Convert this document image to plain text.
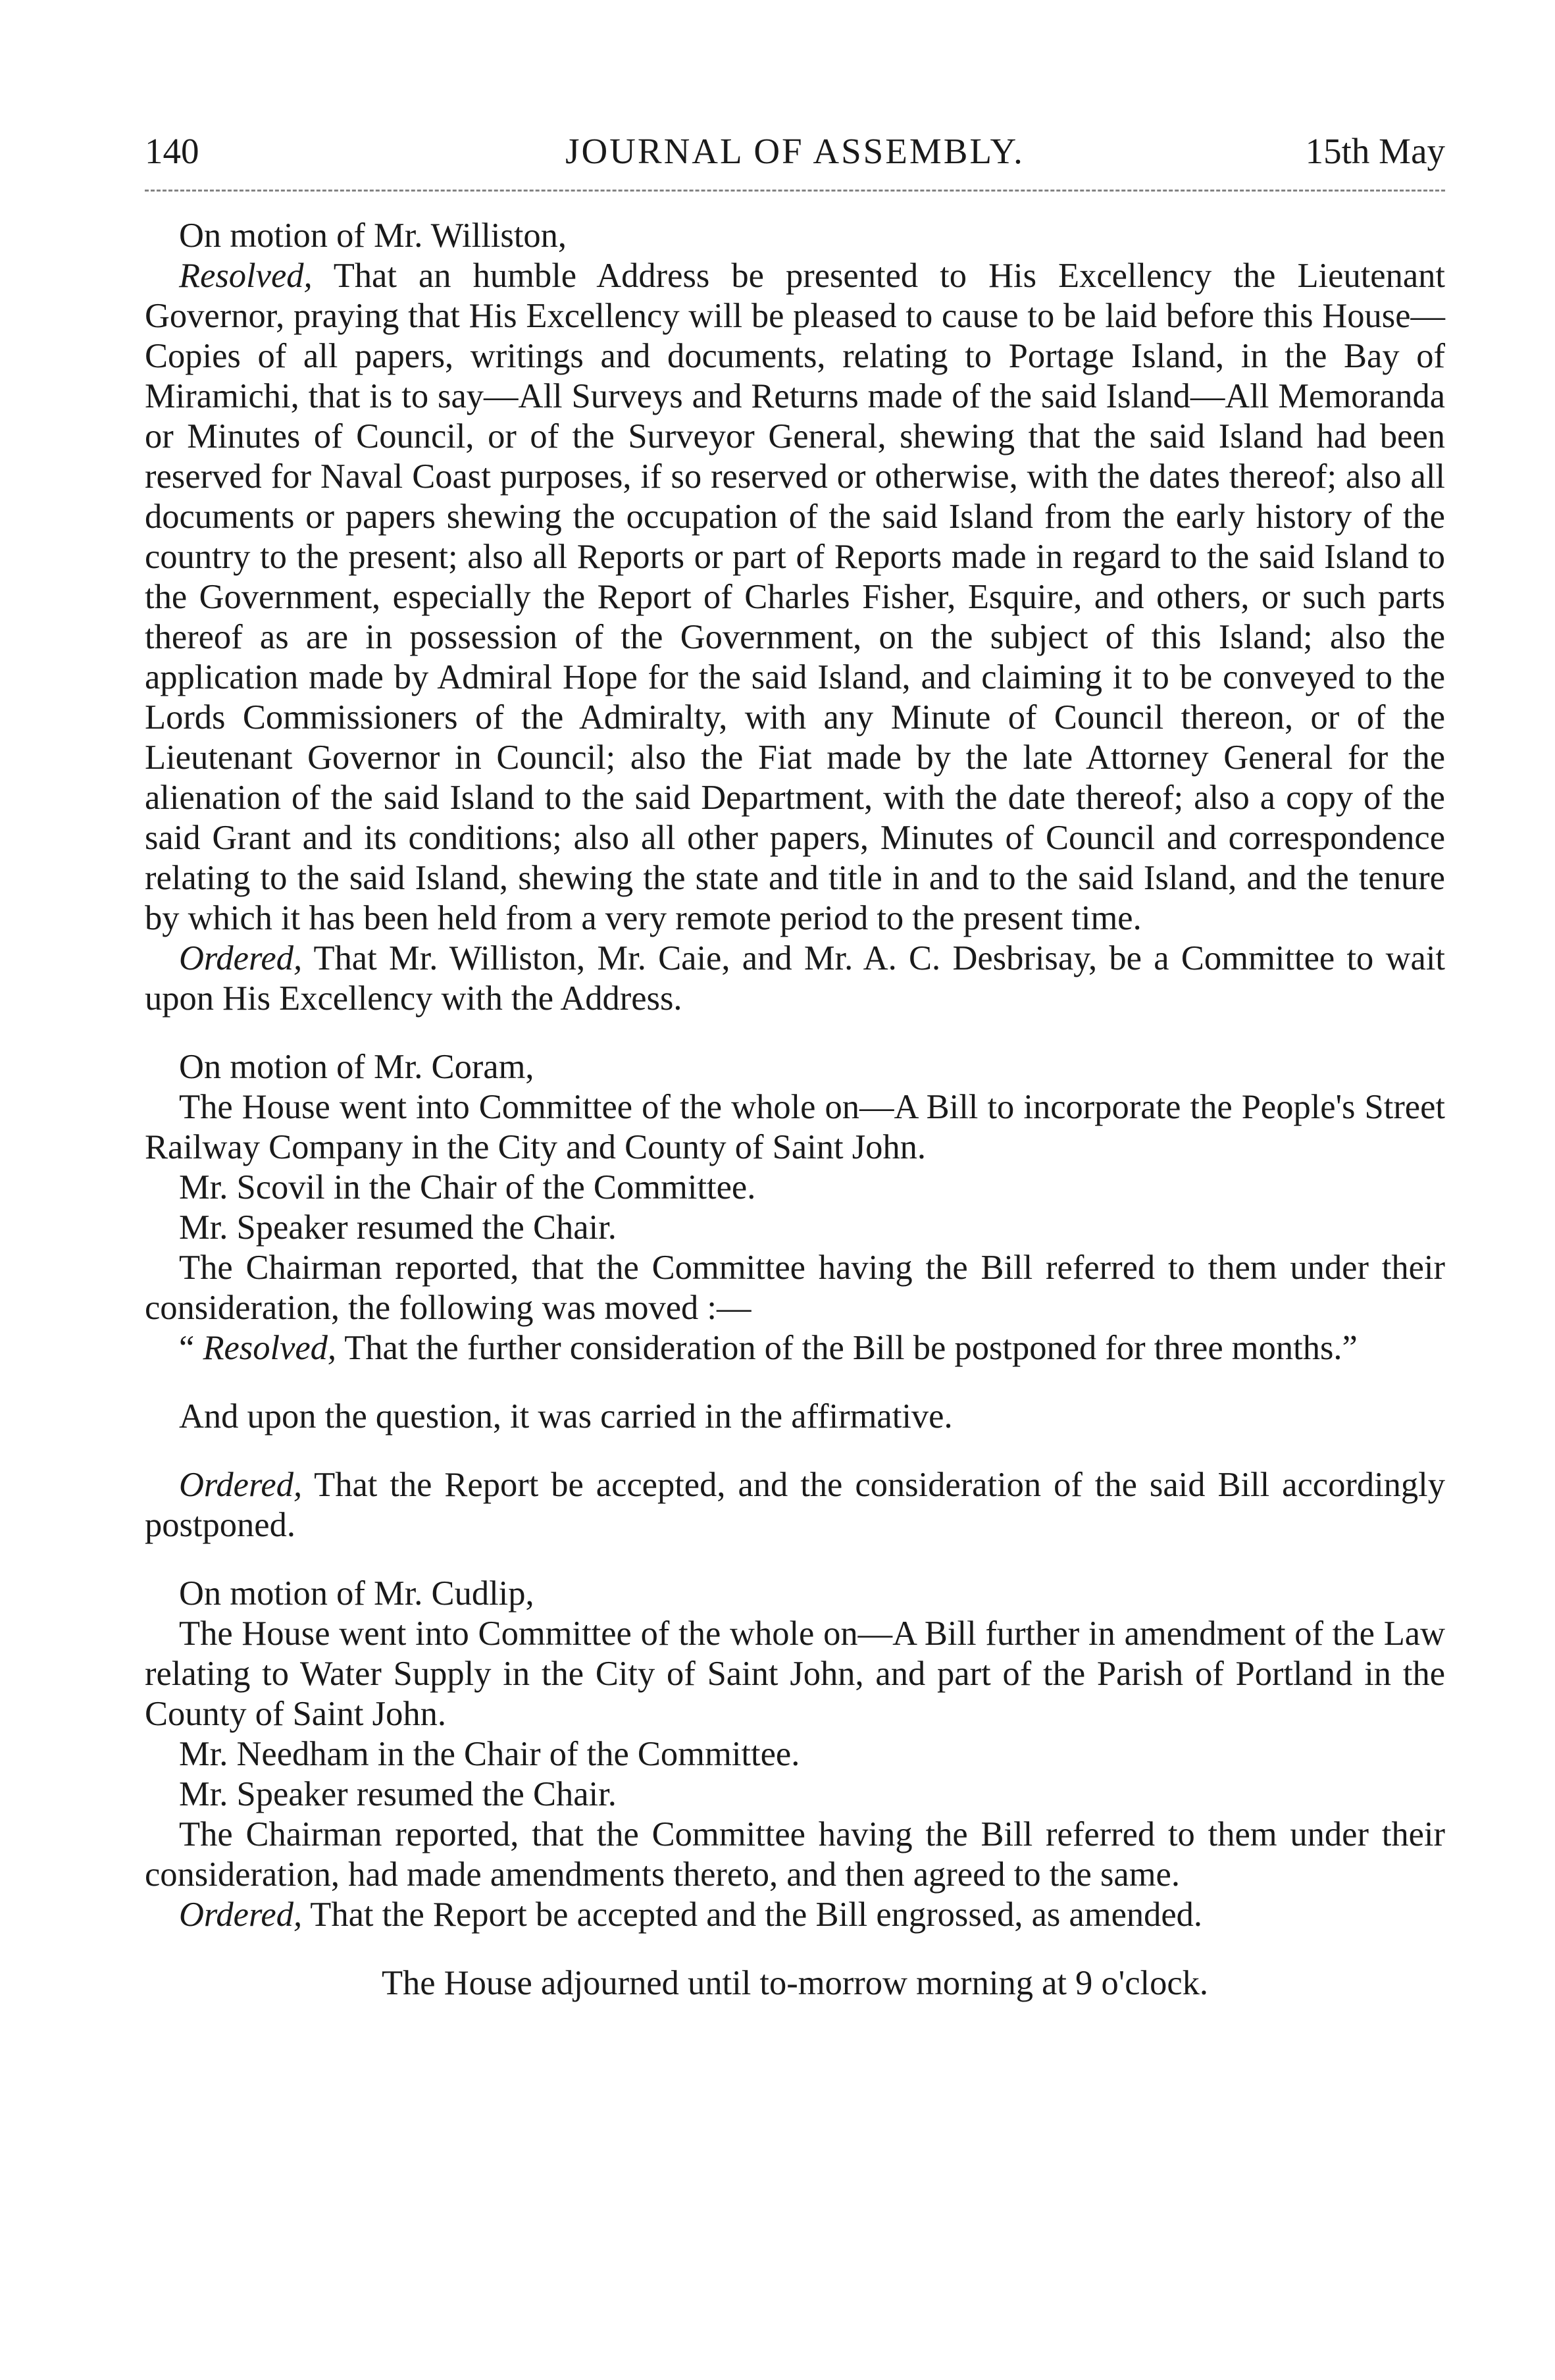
140	JOURNAL OF ASSEMBLY.	15th May

On motion of Mr. Williston,

Resolved, That an humble Address be presented to His Excellency the Lieutenant Governor, praying that His Excellency will be pleased to cause to be laid before this House—Copies of all papers, writings and documents, relating to Portage Island, in the Bay of Miramichi, that is to say—All Surveys and Returns made of the said Island—All Memoranda or Minutes of Council, or of the Surveyor General, shewing that the said Island had been reserved for Naval Coast purposes, if so reserved or otherwise, with the dates thereof; also all documents or papers shewing the occupation of the said Island from the early history of the country to the present; also all Reports or part of Reports made in regard to the said Island to the Government, especially the Report of Charles Fisher, Esquire, and others, or such parts thereof as are in possession of the Government, on the subject of this Island; also the application made by Admiral Hope for the said Island, and claiming it to be conveyed to the Lords Commissioners of the Admiralty, with any Minute of Council thereon, or of the Lieutenant Governor in Council; also the Fiat made by the late Attorney General for the alienation of the said Island to the said Department, with the date thereof; also a copy of the said Grant and its conditions; also all other papers, Minutes of Council and correspondence relating to the said Island, shewing the state and title in and to the said Island, and the tenure by which it has been held from a very remote period to the present time.

Ordered, That Mr. Williston, Mr. Caie, and Mr. A. C. Desbrisay, be a Committee to wait upon His Excellency with the Address.

On motion of Mr. Coram,

The House went into Committee of the whole on—A Bill to incorporate the People's Street Railway Company in the City and County of Saint John.

Mr. Scovil in the Chair of the Committee.

Mr. Speaker resumed the Chair.

The Chairman reported, that the Committee having the Bill referred to them under their consideration, the following was moved :—

“ Resolved, That the further consideration of the Bill be postponed for three months.”

And upon the question, it was carried in the affirmative.

Ordered, That the Report be accepted, and the consideration of the said Bill accordingly postponed.

On motion of Mr. Cudlip,

The House went into Committee of the whole on—A Bill further in amendment of the Law relating to Water Supply in the City of Saint John, and part of the Parish of Portland in the County of Saint John.

Mr. Needham in the Chair of the Committee.

Mr. Speaker resumed the Chair.

The Chairman reported, that the Committee having the Bill referred to them under their consideration, had made amendments thereto, and then agreed to the same.

Ordered, That the Report be accepted and the Bill engrossed, as amended.

The House adjourned until to-morrow morning at 9 o'clock.
